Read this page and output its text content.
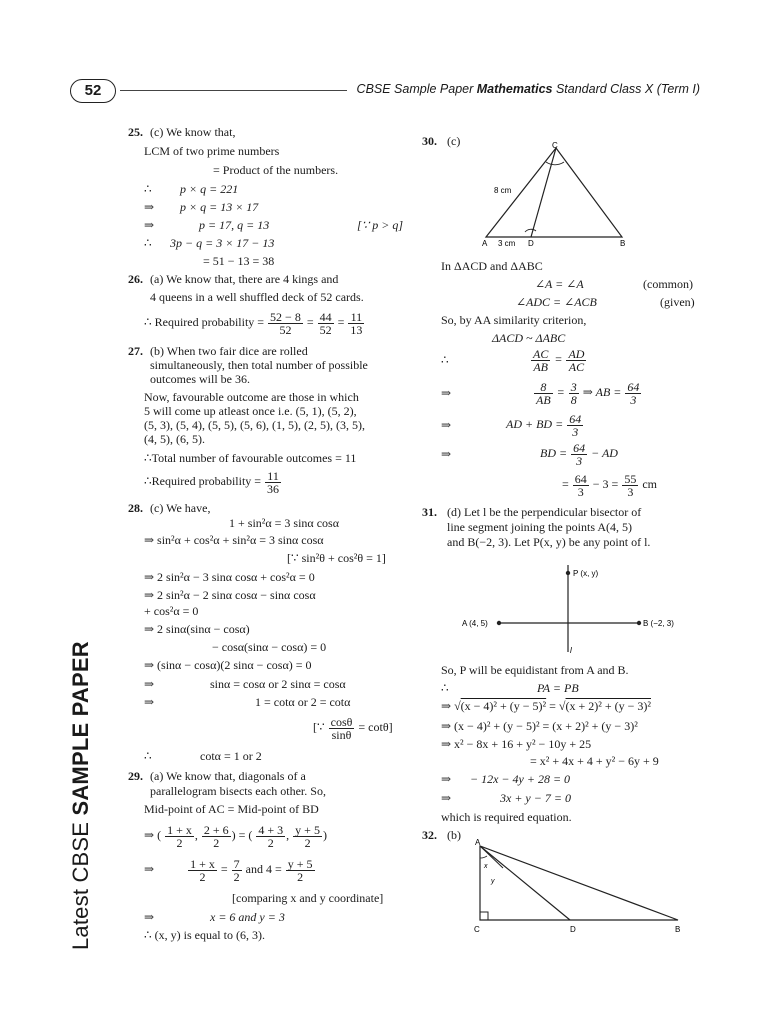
52	CBSE Sample Paper Mathematics Standard Class X (Term I)
Latest CBSE SAMPLE PAPER
25. (c) We know that,
LCM of two prime numbers
= Product of the numbers.
∴ p × q = 221
⇒ p × q = 13 × 17
⇒	p = 17, q = 13	[∵ p > q]
∴ 3p − q = 3 × 17 − 13
= 51 − 13 = 38
26. (a) We know that, there are 4 kings and
4 queens in a well shuffled deck of 52 cards.
∴ Required probability = $\frac{52 - 8}{52} = \frac{44}{52} = \frac{11}{13}$
27. (b) When two fair dice are rolled
simultaneously, then total number of possible
outcomes will be 36.
Now, favourable outcome are those in which
5 will come up atleast once i.e. (5, 1), (5, 2),
(5, 3), (5, 4), (5, 5), (5, 6), (1, 5), (2, 5), (3, 5),
(4, 5), (6, 5).
∴Total number of favourable outcomes = 11
∴Required probability = $\frac{11}{36}$
28. (c) We have,
1 + sin²α = 3 sinα cosα
⇒ sin²α + cos²α + sin²α = 3 sinα cosα
[∵ sin²θ + cos²θ = 1]
⇒ 2 sin²α − 3 sinα cosα + cos²α = 0
⇒ 2 sin²α − 2 sinα cosα − sinα cosα
+ cos²α = 0
⇒ 2 sinα(sinα − cosα)
− cosα(sinα − cosα) = 0
⇒ (sinα − cosα)(2 sinα − cosα) = 0
⇒	sinα = cosα or 2 sinα = cosα
⇒	1 = cotα or 2 = cotα
[∵ $\frac{\cos\theta}{\sin\theta} = \cot\theta$]
∴	cotα = 1 or 2
29. (a) We know that, diagonals of a
parallelogram bisects each other. So,
Mid-point of AC = Mid-point of BD
⇒ ( $\frac{1 + x}{2}$ , $\frac{2 + 6}{2}$ ) = ( $\frac{4 + 3}{2}$ , $\frac{y + 5}{2}$ )
⇒	$\frac{1 + x}{2} = \frac{7}{2}$ and $4 = \frac{y + 5}{2}$
[comparing x and y coordinate]
⇒	x = 6 and y = 3
∴ (x, y) is equal to (6, 3).
30. (c)	C
A	D	B
8 cm
3 cm
In ΔACD and ΔABC
∠A = ∠A	(common)
∠ADC = ∠ACB	(given)
So, by AA similarity criterion,
ΔACD ~ ΔABC
∴	$\frac{AC}{AB} = \frac{AD}{AC}$
⇒	$\frac{8}{AB} = \frac{3}{8}$ ⇒ AB = $\frac{64}{3}$
⇒	AD + BD = $\frac{64}{3}$
⇒	BD = $\frac{64}{3}$ − AD
= $\frac{64}{3} - 3 = \frac{55}{3}$ cm
31. (d) Let l be the perpendicular bisector of
line segment joining the points A(4, 5)
and B(−2, 3). Let P(x, y) be any point of l.
P (x, y)
A (4, 5)	B (−2, 3)
l
So, P will be equidistant from A and B.
∴	PA = PB
⇒ √(x − 4)² + (y − 5)² = √(x + 2)² + (y − 3)²
⇒ (x − 4)² + (y − 5)² = (x + 2)² + (y − 3)²
⇒ x² − 8x + 16 + y² − 10y + 25
= x² + 4x + 4 + y² − 6y + 9
⇒ − 12x − 4y + 28 = 0
⇒	3x + y − 7 = 0
which is required equation.
32. (b)
A
C	D	B
x
y
